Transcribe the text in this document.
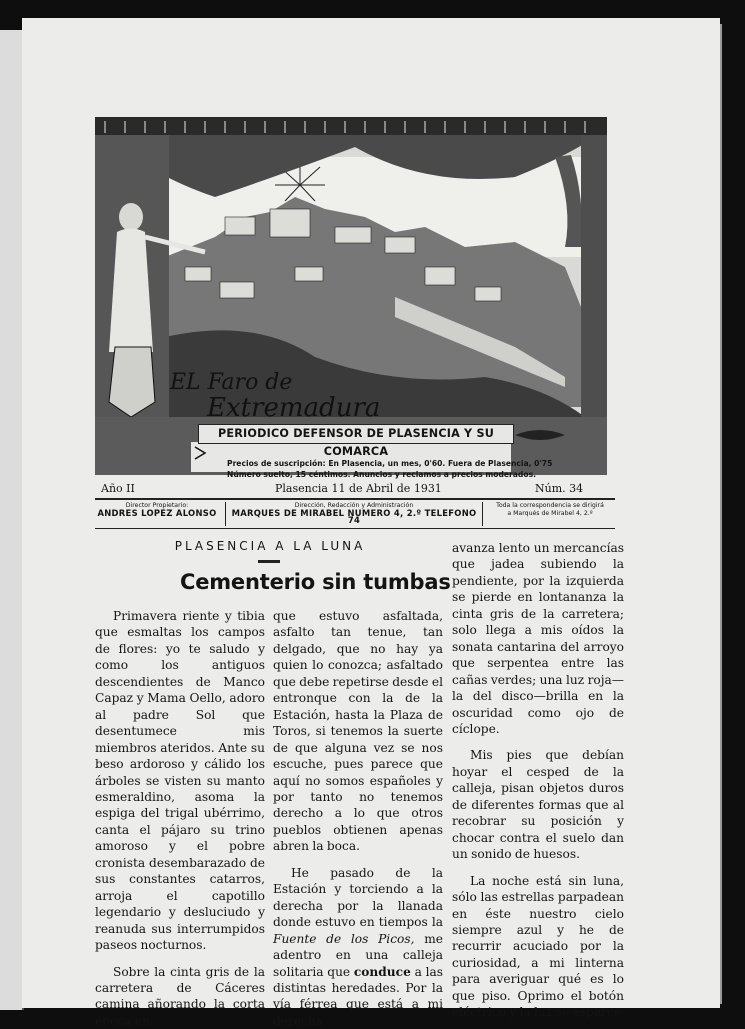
EL Faro de
Extremadura
PERIODICO DEFENSOR DE PLASENCIA Y SU COMARCA
Precios de suscripción: En Plasencia, un mes, 0'60. Fuera de Plasencia, 0'75
Número suelto, 15 céntimos. Anuncios y reclamos a precios moderados.
Año II	Plasencia 11 de Abril de 1931	Núm. 34
Director Propietario:
ANDRES LOPEZ ALONSO
Dirección, Redacción y Administración
MARQUES DE MIRABEL NUMERO 4, 2.º TELEFONO 74
Toda la correspondencia se dirigirá
a Marqués de Mirabel 4, 2.º
PLASENCIA A LA LUNA
Cementerio sin tumbas

Primavera riente y tibia que esmaltas los campos de flores: yo te saludo y como los antiguos descendientes de Manco Capaz y Mama Oello, adoro al padre Sol que desentumece mis miembros ateridos. Ante su beso ardoroso y cálido los árboles se visten su manto esmeraldino, asoma la espiga del trigal ubérrimo, canta el pájaro su trino amoroso y el pobre cronista desembarazado de sus constantes catarros, arroja el capotillo legendario y desluciudo y reanuda sus interrumpidos paseos nocturnos.

Sobre la cinta gris de la carretera de Cáceres camina añorando la corta época en

que estuvo asfaltada, asfalto tan tenue, tan delgado, que no hay ya quien lo conozca; asfaltado que debe repetirse desde el entronque con la de la Estación, hasta la Plaza de Toros, si tenemos la suerte de que alguna vez se nos escuche, pues parece que aquí no somos españoles y por tanto no tenemos derecho a lo que otros pueblos obtienen apenas abren la boca.

He pasado de la Estación y torciendo a la derecha por la llanada donde estuvo en tiempos la Fuente de los Picos, me adentro en una calleja solitaria que conduce a las distintas heredades. Por la vía férrea que está a mi derecha

avanza lento un mercancías que jadea subiendo la pendiente, por la izquierda se pierde en lontananza la cinta gris de la carretera; solo llega a mis oídos la sonata cantarina del arroyo que serpentea entre las cañas verdes; una luz roja—la del disco—brilla en la oscuridad como ojo de cíclope.

Mis pies que debían hoyar el cesped de la calleja, pisan objetos duros de diferentes formas que al recobrar su posición y chocar contra el suelo dan un sonido de huesos.

La noche está sin luna, sólo las estrellas parpadean en éste nuestro cielo siempre azul y he de recurrir acuciado por la curiosidad, a mi linterna para averiguar qué es lo que piso. Oprimo el botón eléctrico y la luz se esparce
